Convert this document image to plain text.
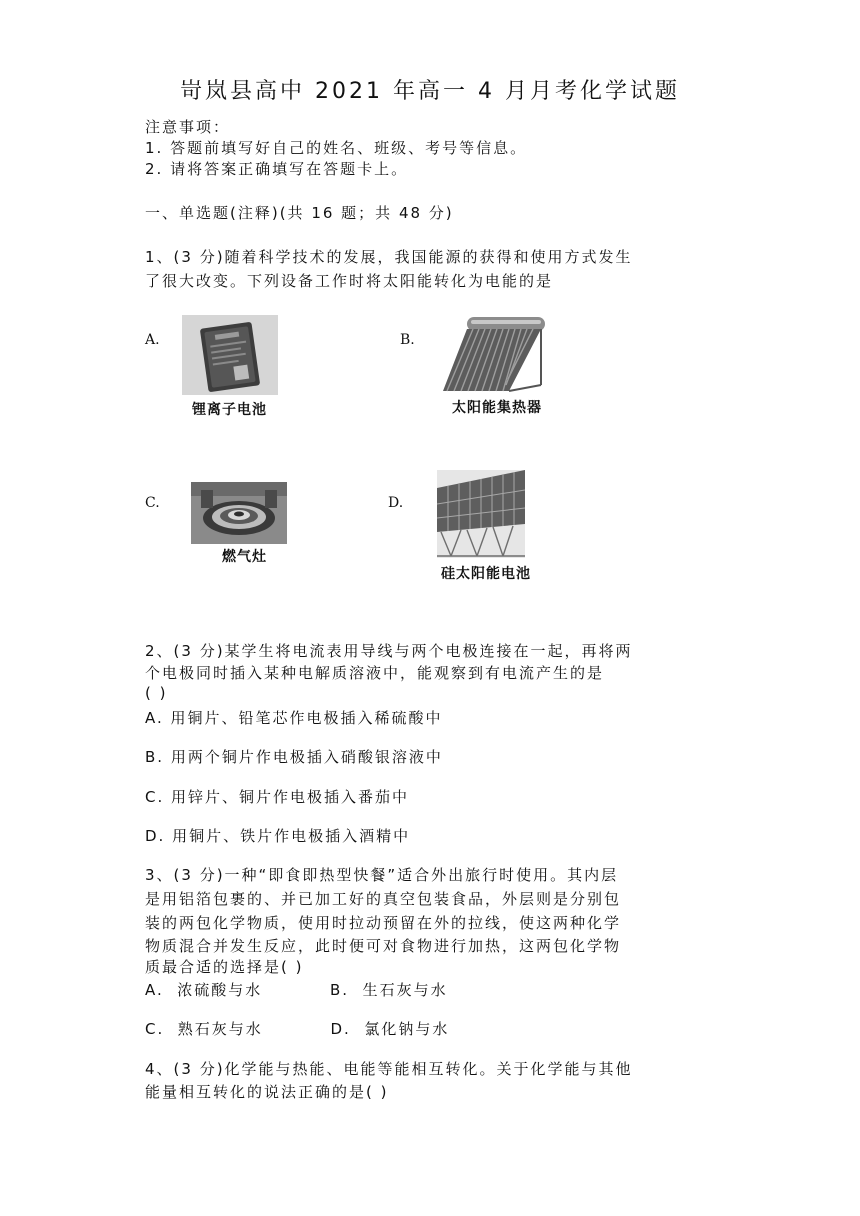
岢岚县高中 2021 年高一 4 月月考化学试题
注意事项：
1. 答题前填写好自己的姓名、班级、考号等信息。
2. 请将答案正确填写在答题卡上。
一、单选题(注释)(共 16 题；共 48 分)
1、(3 分)随着科学技术的发展，我国能源的获得和使用方式发生
了很大改变。下列设备工作时将太阳能转化为电能的是
A.
锂离子电池
B.
太阳能集热器
C.
燃气灶
D.
硅太阳能电池
2、(3 分)某学生将电流表用导线与两个电极连接在一起，再将两
个电极同时插入某种电解质溶液中，能观察到有电流产生的是
( )
A. 用铜片、铅笔芯作电极插入稀硫酸中
B. 用两个铜片作电极插入硝酸银溶液中
C. 用锌片、铜片作电极插入番茄中
D. 用铜片、铁片作电极插入酒精中
3、(3 分)一种“即食即热型快餐”适合外出旅行时使用。其内层
是用铝箔包裹的、并已加工好的真空包装食品，外层则是分别包
装的两包化学物质，使用时拉动预留在外的拉线，使这两种化学
物质混合并发生反应，此时便可对食物进行加热，这两包化学物
质最合适的选择是( )
A.  浓硫酸与水          B.  生石灰与水
C.  熟石灰与水          D.  氯化钠与水
4、(3 分)化学能与热能、电能等能相互转化。关于化学能与其他
能量相互转化的说法正确的是( )
